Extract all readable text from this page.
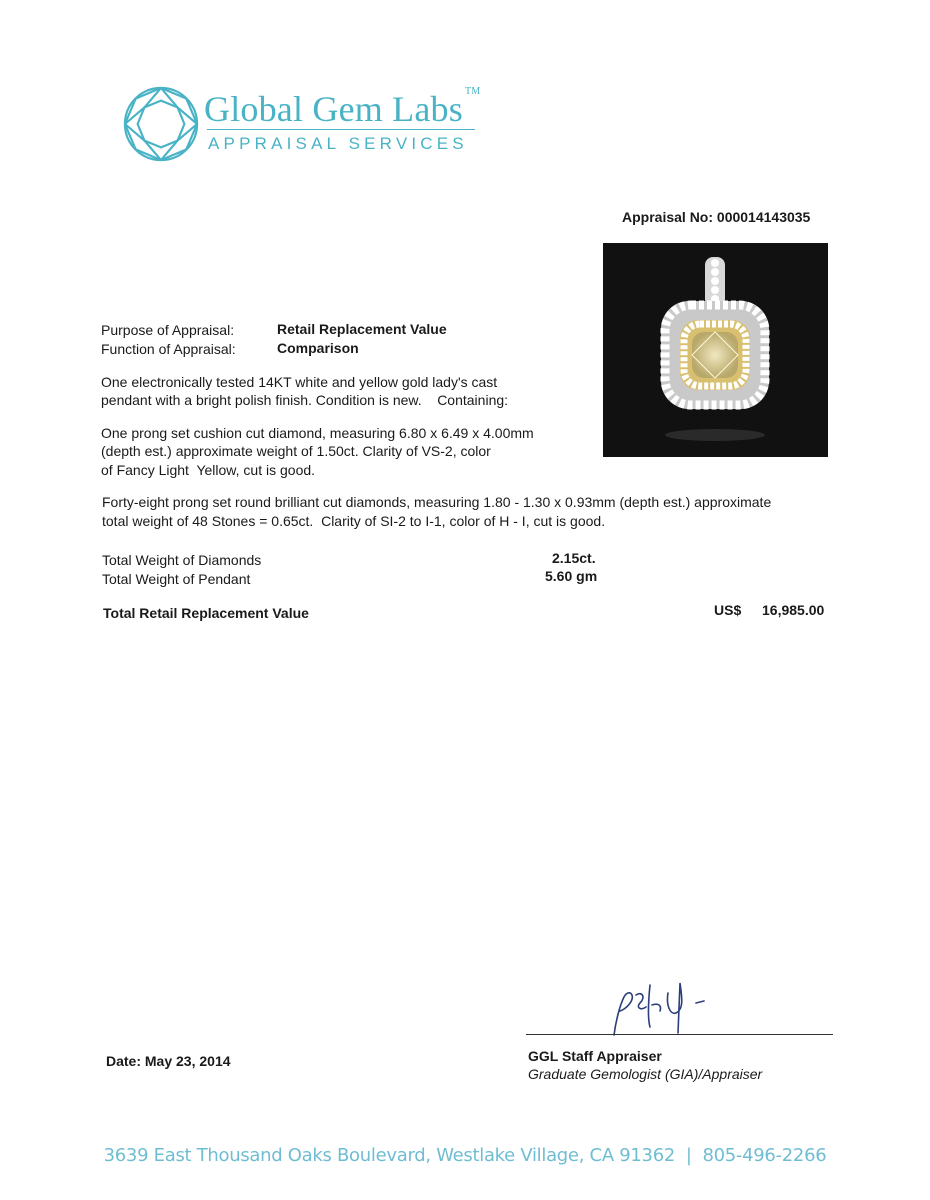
Global Gem Labs ™
APPRAISAL SERVICES
Appraisal No: 000014143035
Purpose of Appraisal:	Retail Replacement Value
Function of Appraisal:	Comparison
One electronically tested 14KT white and yellow gold lady's cast
pendant with a bright polish finish. Condition is new.    Containing:
One prong set cushion cut diamond, measuring 6.80 x 6.49 x 4.00mm
(depth est.) approximate weight of 1.50ct. Clarity of VS-2, color
of Fancy Light  Yellow, cut is good.
Forty-eight prong set round brilliant cut diamonds, measuring 1.80 - 1.30 x 0.93mm (depth est.) approximate
total weight of 48 Stones = 0.65ct.  Clarity of SI-2 to I-1, color of H - I, cut is good.
Total Weight of Diamonds	2.15ct.
Total Weight of Pendant	5.60 gm
Total Retail Replacement Value	US$ 16,985.00
Date: May 23, 2014	GGL Staff Appraiser
Graduate Gemologist (GIA)/Appraiser
3639 East Thousand Oaks Boulevard, Westlake Village, CA 91362  |  805-496-2266
